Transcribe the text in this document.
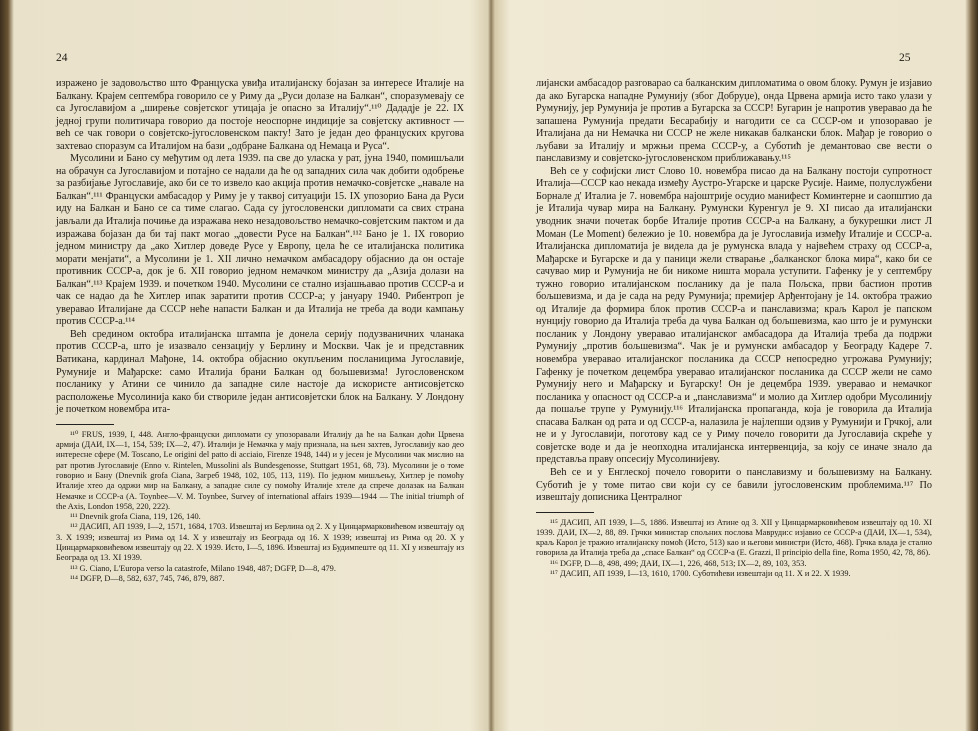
24

изражено је задовољство што Француска увиђа италијанску бојазан за интересе Италије на Балкану. Крајем септембра говорило се у Риму да „Руси долазе на Балкан“, споразумевају се са Југославијом а „ширење совјетског утицаја је опасно за Италију“.¹¹⁰ Дададје је 22. IX једној групи политичара говорио да постоје неоспорне индиције за совјетску активност — веh се чак говори о совјетско-југословенском пакту! Зато је један део француских кругова захтевао споразум са Италијом на бази „одбране Балкана од Немаца и Руса“.

Мусолини и Бано су међутим од лета 1939. па све до уласка у рат, јуна 1940, помишљали на обрачун са Југославијом и потајно се надали да ће од западних сила чак добити одобрење за разбијање Југославије, ако би се то извело као акција против немачко-совјетске „навале на Балкан“.¹¹¹ Француски амбасадор у Риму је у таквој ситуацији 15. IX упозорио Бана да Руси иду на Балкан и Бано се са тиме слагао. Сада су југословенски дипломати са свих страна јављали да Италија почиње да изражава неко незадовољство немачко-совјетским пактом и да изражава бојазан да би тај пакт могао „довести Русе на Балкан“.¹¹² Бано је 1. IX говорио једном министру да „ако Хитлер доведе Русе у Европу, цела ће се италијанска политика морати менјати“, а Мусолини је 1. XII лично немачком амбасадору објаснио да он остаје противник СССР-а, док је 6. XII говорио једном немачком министру да „Азија долази на Балкан“.¹¹³ Крајем 1939. и почетком 1940. Мусолини се стално изјашњавао против СССР-а и чак се надао да ће Хитлер ипак заратити против СССР-а; у јануару 1940. Рибентроп је уверавао Италијане да СССР неће напасти Балкан и да Италија не треба да води кампању против СССР-а.¹¹⁴

Веh средином октобра италијанска штампа је донела серију подузвaничних чланака против СССР-а, што је изазвало сензацију у Берлину и Москви. Чак је и представник Ватикана, кардинал Мађоне, 14. октобра објаснио окупљеним посланицима Југославије, Румуније и Мађарске: само Италија брани Балкан од бољшевизма! Југословенском посланику у Атини се чинило да западне силе настоје да искористе антисовјетско расположење Мусолинија како би створиле један антисовјетски блок на Балкану. У Лондону је почетком новембра ита-

¹¹⁰ FRUS, 1939, I, 448. Англо-француски дипломати су упозоравали Италију да ће на Балкан доћи Црвена армија (ДАИ, IX—1, 154, 539; IX—2, 47). Италији је Немачка у мају признала, на њен захтев, Југославију као део интересне сфере (M. Toscano, Le origini del patto di acciaio, Firenze 1948, 144) и у јесен је Мусолини чак мислио на рат против Југославије (Enno v. Rintelen, Mussolini als Bundesgenosse, Stuttgart 1951, 68, 73). Мусолини је о томе говорио и Бану (Dnevnik grofa Ciana, Загреб 1948, 102, 105, 113, 119). По једном мишљењу, Хитлер је помоћу Италије хтео да одржи мир на Балкану, а западне силе су помоћу Италије хтеле да спрече долазак на Балкан Немачке и СССР-а (A. Toynbee—V. M. Toynbee, Survey of international affairs 1939—1944 — The initial triumph of the Axis, London 1958, 220, 222).

¹¹¹ Dnevnik grofa Ciana, 119, 126, 140.

¹¹² ДАСИП, АП 1939, I—2, 1571, 1684, 1703. Извештај из Берлина од 2. X у Цинцармарковићевом извештају од 3. X 1939; извештај из Рима од 14. X у извештају из Београда од 16. X 1939; извештај из Рима од 20. X у Цинцармарковићевом извештају од 22. X 1939. Исто, I—5, 1896. Извештај из Будимпеште од 11. XI у извештају из Београда од 13. XI 1939.

¹¹³ G. Ciano, L'Europa verso la catastrofe, Milano 1948, 487; DGFP, D—8, 479.

¹¹⁴ DGFP, D—8, 582, 637, 745, 746, 879, 887.

25

лијански амбасадор разговарао са балканским дипломатима о овом блоку. Румун је изјавио да ако Бугарска нападне Румунију (због Добруџе), онда Црвена армија исто тако улази у Румунију, јер Румунија је против а Бугарска за СССР! Бугарин је напротив уверавао да ће запашена Румунија предати Бесарабију и нагодити се са СССР-ом и упозоравао је Италијана да ни Немачка ни СССР не желе никакав балкански блок. Мађар је говорио о љубави за Италију и мржњи према СССР-у, а Суботић је демантовао све вести о панславизму и совјетско-југословенском приближавању.¹¹⁵

Веh се у софијски лист Слово 10. новембра писао да на Балкану постоји супротност Италија—СССР као некада између Аустро-Угарске и царске Русије. Наиме, полуслужбени Борнале д' Италиа је 7. новембра најоштрије осудио манифест Коминтерне и саопштио да је Италија чувар мира на Балкану. Румунски Куренгул је 9. XI писао да италијански уводник значи почетак борбе Италије против СССР-а на Балкану, а букурешки лист Л Моман (Le Moment) бележио је 10. новембра да је Југославија између Италије и СССР-а. Италијанска дипломатија је видела да је румунска влада у највећем страху од СССР-а, Мађарске и Бугарске и да у паници жели стварање „балканског блока мира“, како би се сачувао мир и Румунија не би никоме ништа морала уступити. Гафенку је у септембру тужно говорио италијанском посланику да је пала Пољска, први бастион против бољшевизма, и да је сада на реду Румунија; премијер Арђентоjану је 14. октобра тражио од Италије да формира блок против СССР-а и панславизма; краљ Карол је папском нунцију говорио да Италија треба да чува Балкан од бољшевизма, као што је и румунски посланик у Лондону уверавао италијанског амбасадора да Италија треба да подржи Румунију „против бољшевизма“. Чак је и румунски амбасадор у Београду Кадере 7. новембра уверавао италијанског посланика да СССР непосредно угрожава Румунију; Гафенку је почетком децембра уверавао италијанског посланика да СССР жели не само Румунију него и Мађарску и Бугарску! Он је децембра 1939. уверавао и немачког посланика у опасност од СССР-а и „панславизма“ и молио да Хитлер одобри Мусолинију да пошаље трупе у Румунију.¹¹⁶ Италијанска пропаганда, која је говорила да Италија спасава Балкан од рата и од СССР-а, налазила је најлепши одзив у Румунији и Грчкој, али не и у Југославији, поготову кад се у Риму почело говорити да Југославија скреће у совјетске воде и да је неопходна италијанска интервенција, за коју се иначе знало да представља праву опсесију Мусолинијеву.

Веh се и у Енглеској почело говорити о панславизму и бољшевизму на Балкану. Суботић је у томе питао сви који су се бавили југословенским проблемима.¹¹⁷ По извештају дописника Централног

¹¹⁵ ДАСИП, АП 1939, I—5, 1886. Извештај из Атине од 3. XII у Цинцармарковићевом извештају од 10. XI 1939. ДАИ, IX—2, 88, 89. Грчки министар спољних послова Мавруди:с изјавио се СССР-а (ДАИ, IX—1, 534), краљ Карол је тражио италијанску помоћ (Исто, 513) као и његови министри (Исто, 468). Грчка влада је стално говорила да Италија треба да „спасе Балкан“ од СССР-а (E. Grazzi, Il principio della fine, Roma 1950, 42, 78, 86).

¹¹⁶ DGFP, D—8, 498, 499; ДАИ, IX—1, 226, 468, 513; IX—2, 89, 103, 353.

¹¹⁷ ДАСИП, АП 1939, I—13, 1610, 1700. Суботићеви извештаји од 11. X и 22. X 1939.
